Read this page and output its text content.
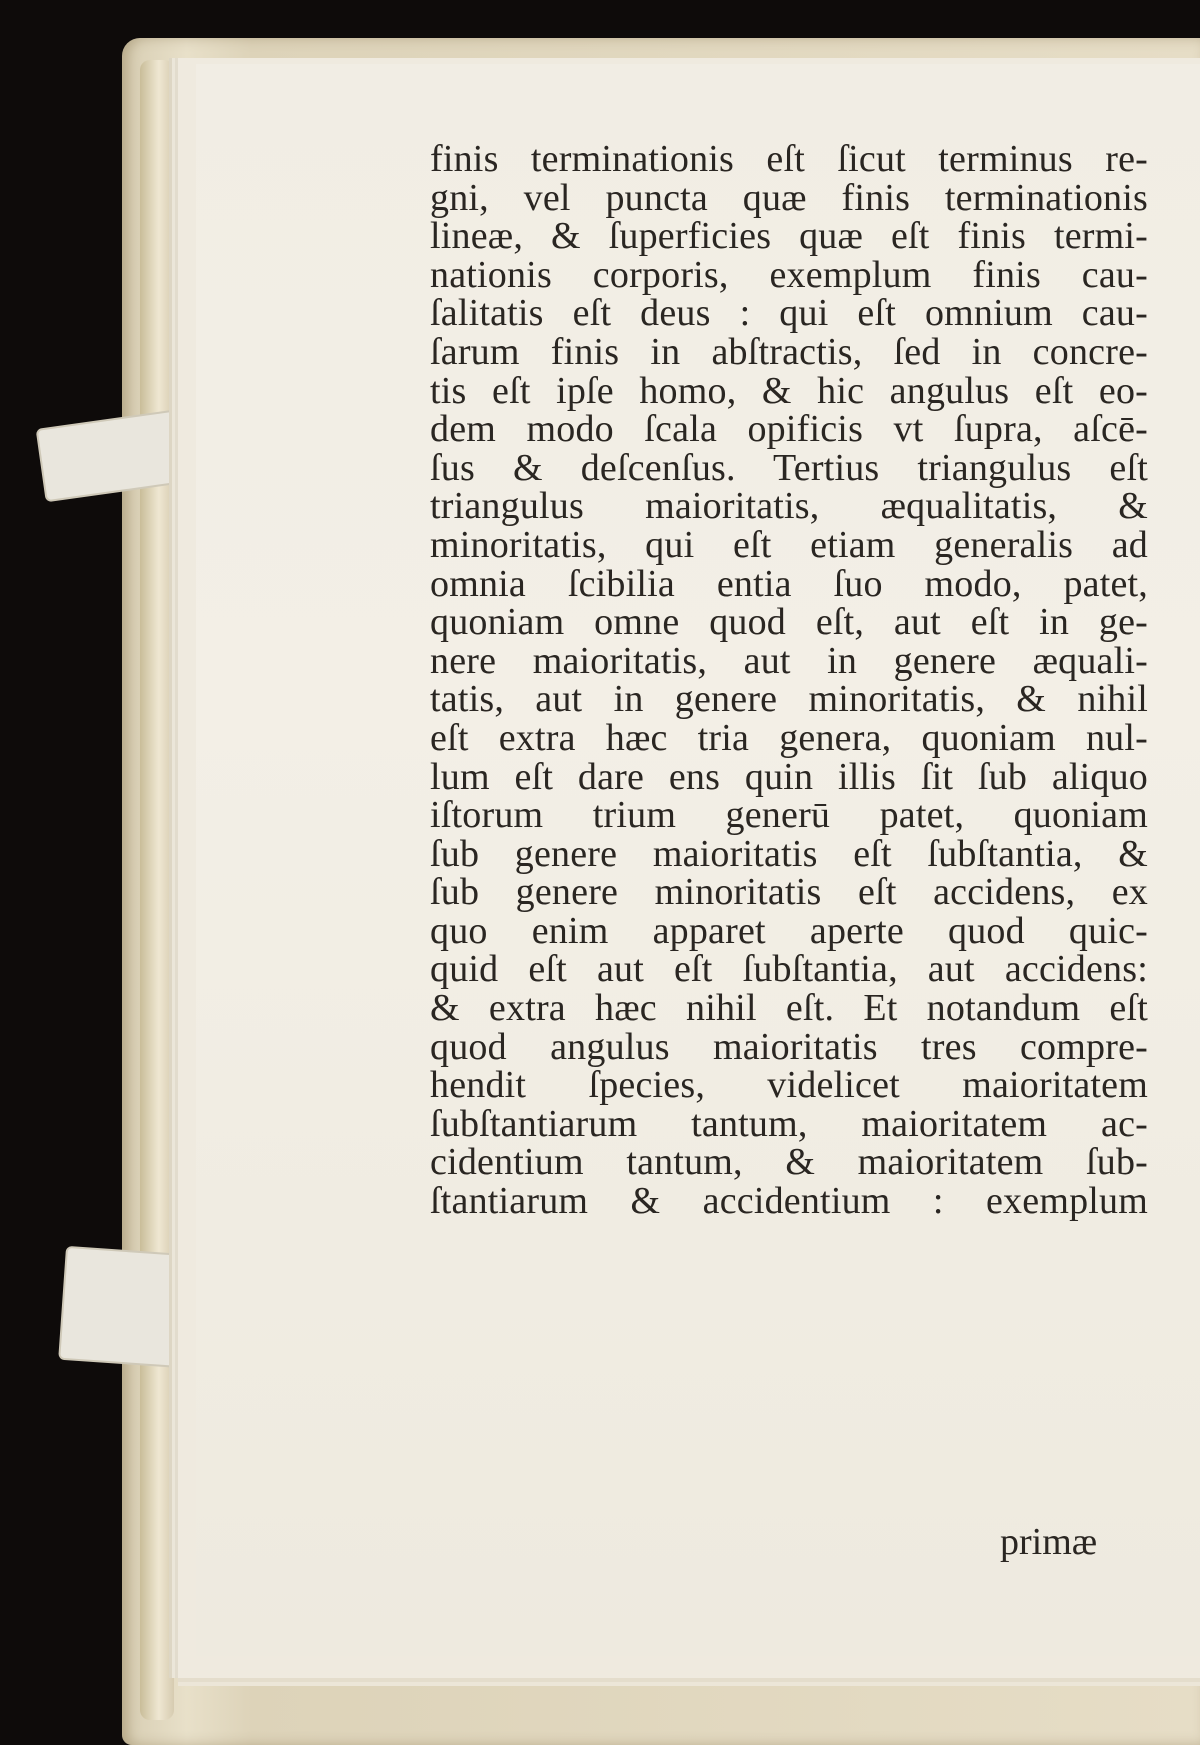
finis terminationis eſt ſicut terminus re-
gni, vel puncta quæ finis terminationis
lineæ, & ſuperficies quæ eſt finis termi-
nationis corporis, exemplum finis cau-
ſalitatis eſt deus : qui eſt omnium cau-
ſarum finis in abſtractis, ſed in concre-
tis eſt ipſe homo, & hic angulus eſt eo-
dem modo ſcala opificis vt ſupra, aſcē-
ſus & deſcenſus. Tertius triangulus eſt
triangulus maioritatis, æqualitatis, &
minoritatis, qui eſt etiam generalis ad
omnia ſcibilia entia ſuo modo, patet,
quoniam omne quod eſt, aut eſt in ge-
nere maioritatis, aut in genere æquali-
tatis, aut in genere minoritatis, & nihil
eſt extra hæc tria genera, quoniam nul-
lum eſt dare ens quin illis ſit ſub aliquo
iſtorum trium generū patet, quoniam
ſub genere maioritatis eſt ſubſtantia, &
ſub genere minoritatis eſt accidens, ex
quo enim apparet aperte quod quic-
quid eſt aut eſt ſubſtantia, aut accidens:
& extra hæc nihil eſt. Et notandum eſt
quod angulus maioritatis tres compre-
hendit ſpecies, videlicet maioritatem
ſubſtantiarum tantum, maioritatem ac-
cidentium tantum, & maioritatem ſub-
ſtantiarum & accidentium : exemplum
primæ
